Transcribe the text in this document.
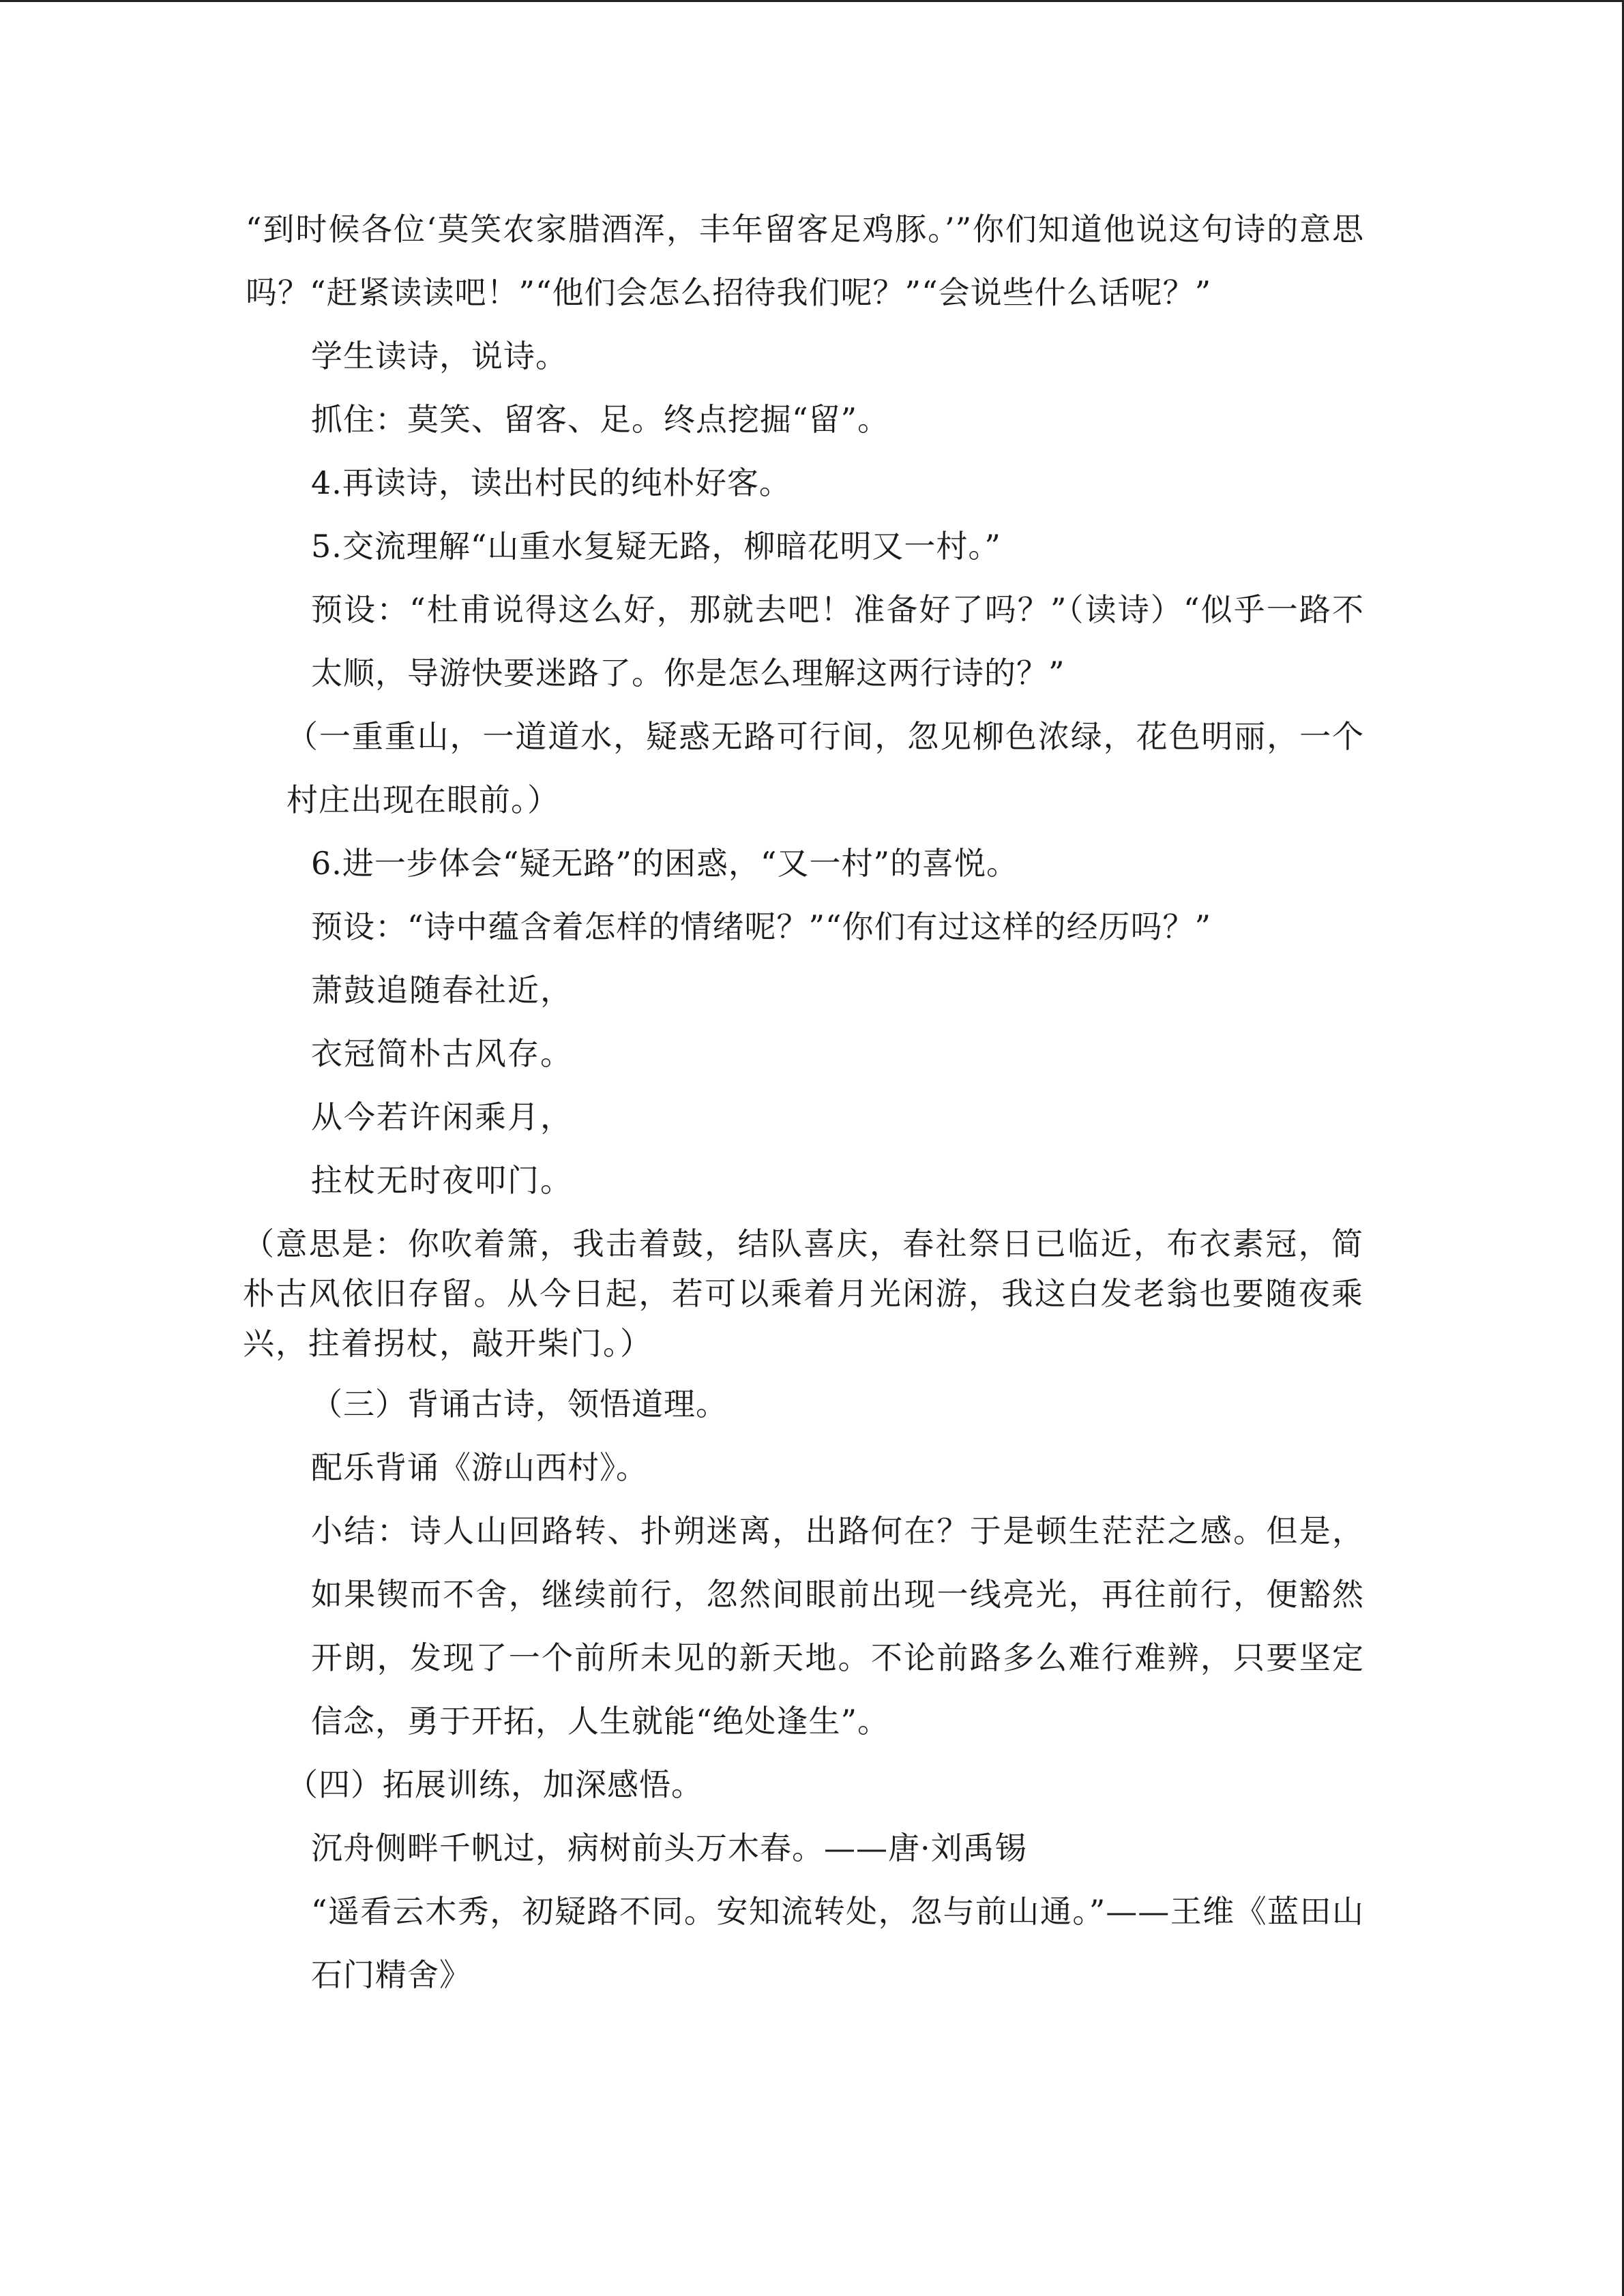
“到时候各位‘莫笑农家腊酒浑，丰年留客足鸡豚。’”你们知道他说这句诗的意思吗？“赶紧读读吧！”“他们会怎么招待我们呢？”“会说些什么话呢？”

学生读诗，说诗。

抓住：莫笑、留客、足。终点挖掘“留”。

4.再读诗，读出村民的纯朴好客。

5.交流理解“山重水复疑无路，柳暗花明又一村。”

预设：“杜甫说得这么好，那就去吧！准备好了吗？”（读诗）“似乎一路不太顺，导游快要迷路了。你是怎么理解这两行诗的？”

（一重重山，一道道水，疑惑无路可行间，忽见柳色浓绿，花色明丽，一个村庄出现在眼前。）

6.进一步体会“疑无路”的困惑，“又一村”的喜悦。

预设：“诗中蕴含着怎样的情绪呢？”“你们有过这样的经历吗？”

萧鼓追随春社近，

衣冠简朴古风存。

从今若许闲乘月，

拄杖无时夜叩门。

（意思是：你吹着箫，我击着鼓，结队喜庆，春社祭日已临近，布衣素冠，简朴古风依旧存留。从今日起，若可以乘着月光闲游，我这白发老翁也要随夜乘兴，拄着拐杖，敲开柴门。）

（三）背诵古诗，领悟道理。

配乐背诵《游山西村》。

小结：诗人山回路转、扑朔迷离，出路何在？于是顿生茫茫之感。但是，如果锲而不舍，继续前行，忽然间眼前出现一线亮光，再往前行，便豁然开朗，发现了一个前所未见的新天地。不论前路多么难行难辨，只要坚定信念，勇于开拓，人生就能“绝处逢生”。

（四）拓展训练，加深感悟。

沉舟侧畔千帆过，病树前头万木春。——唐·刘禹锡

“遥看云木秀，初疑路不同。安知流转处，忽与前山通。”——王维《蓝田山石门精舍》
